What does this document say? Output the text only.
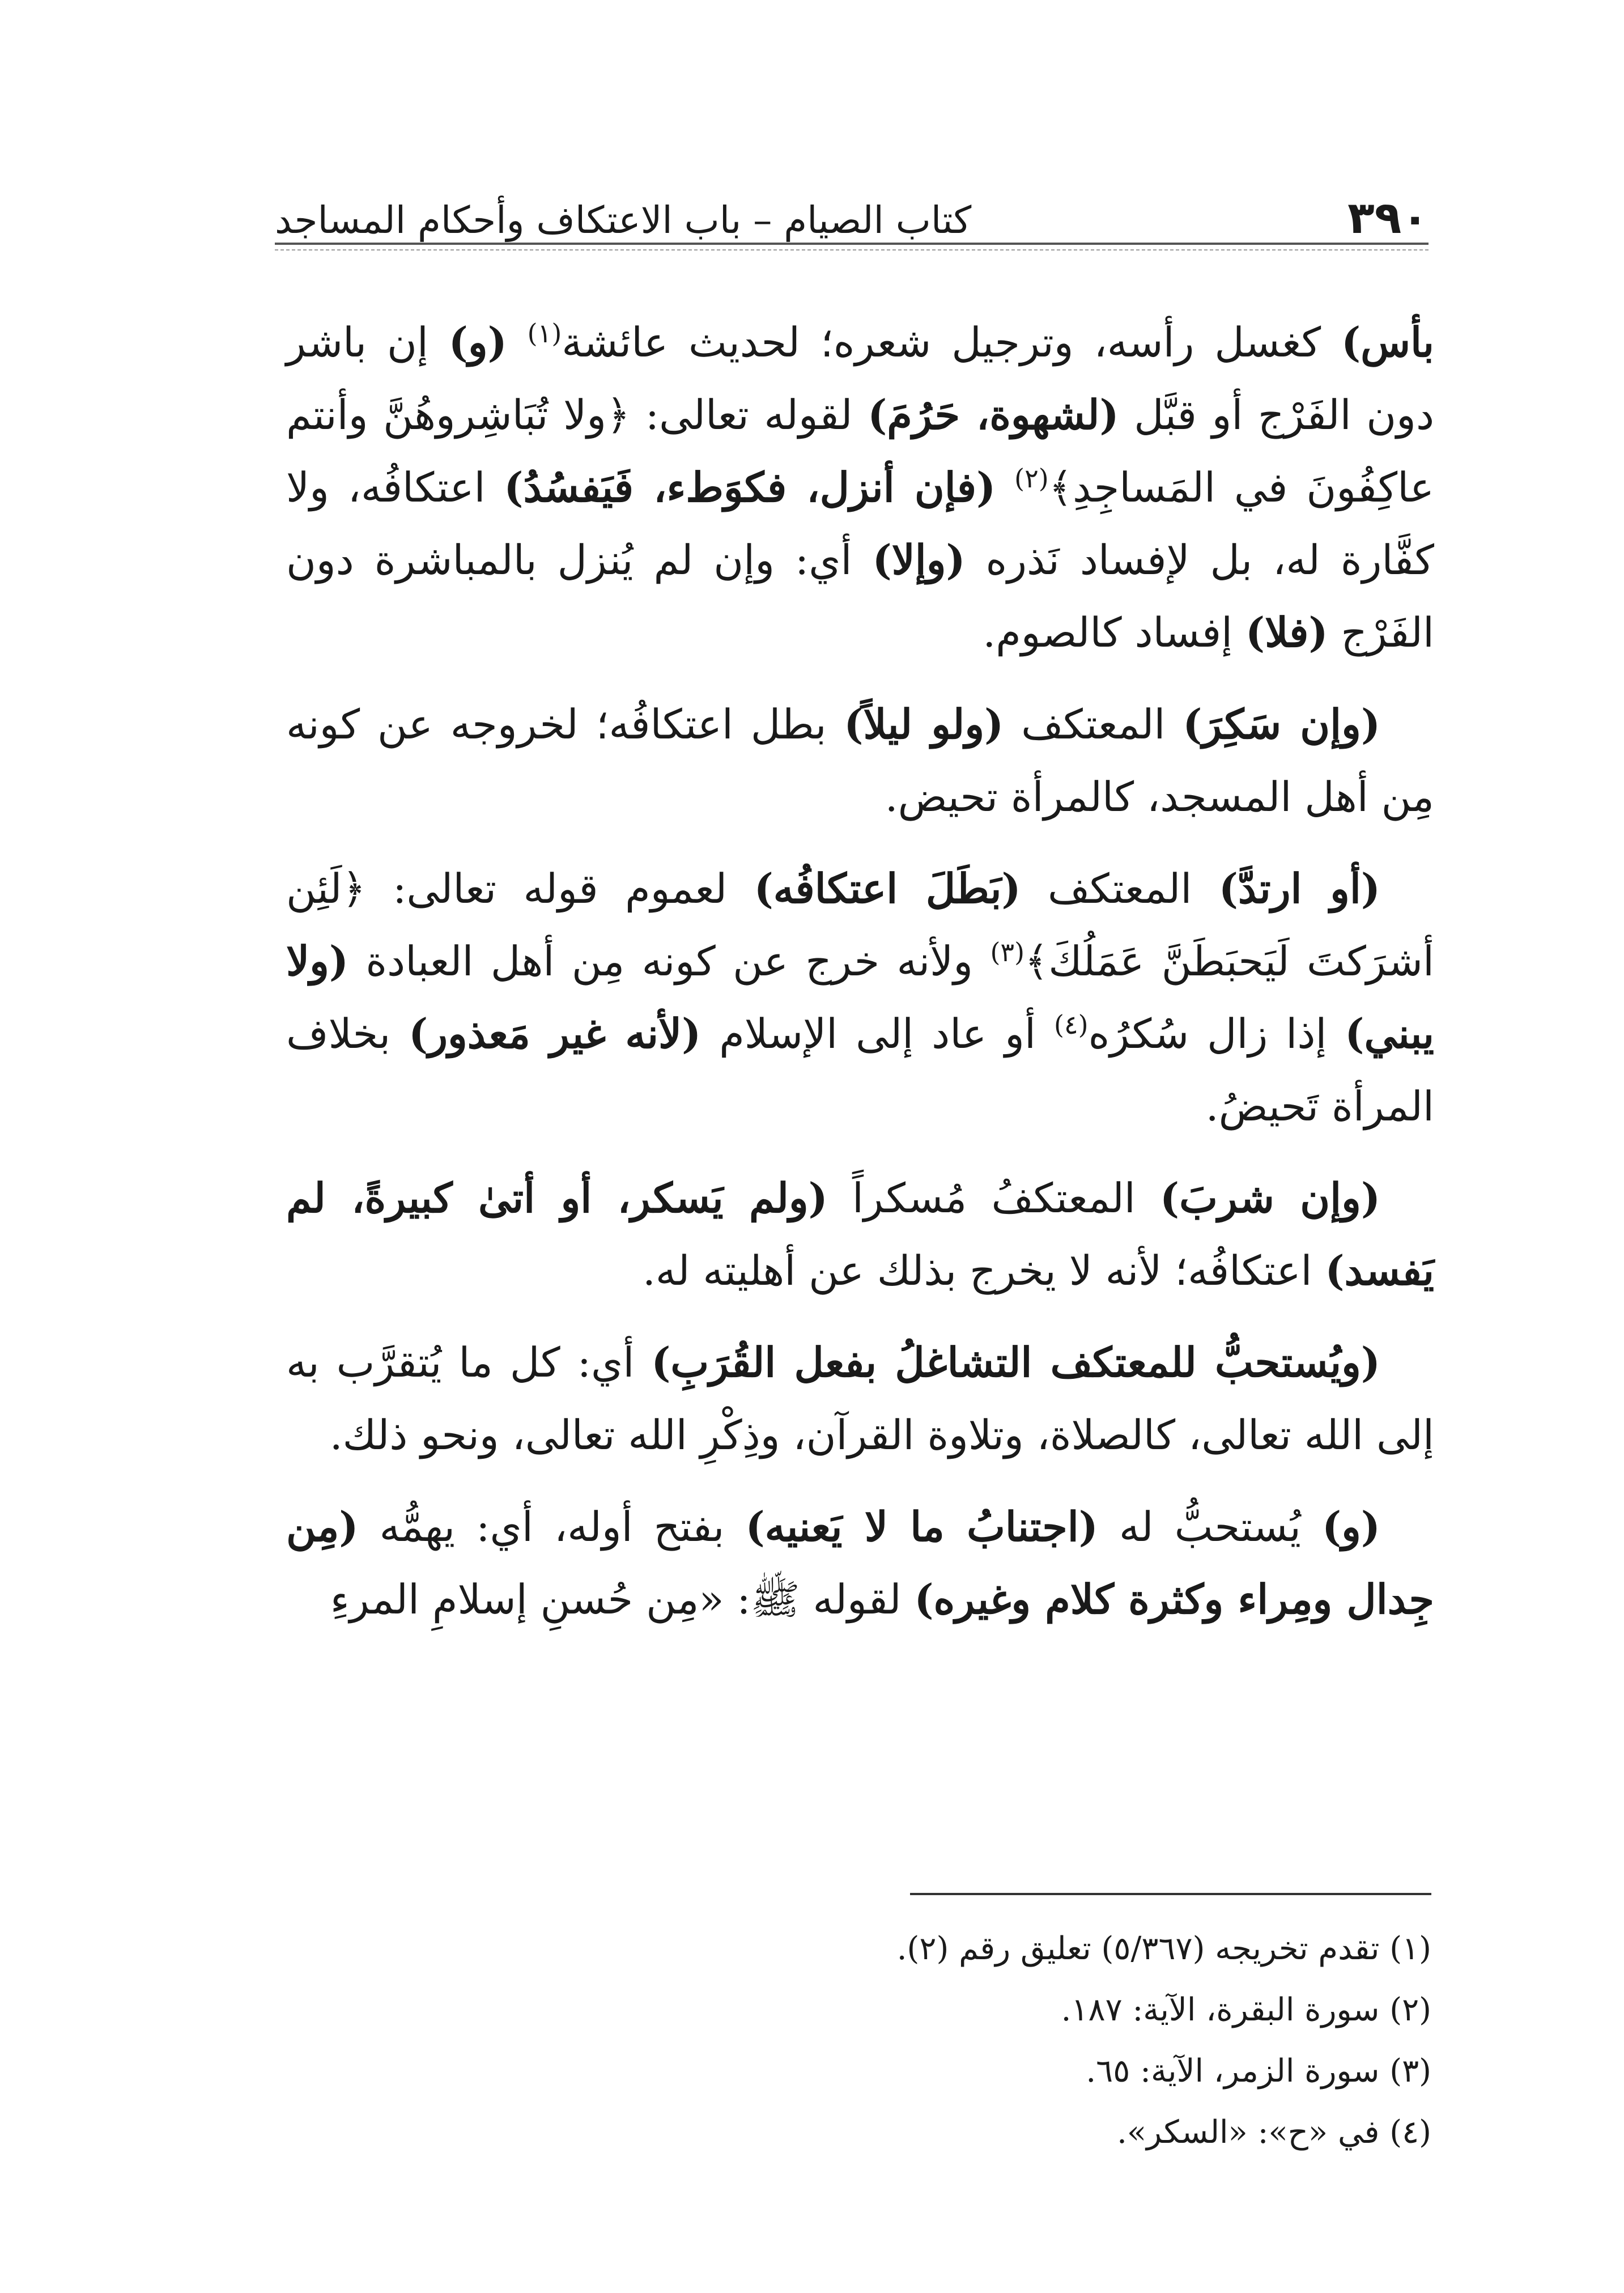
٣٩٠
كتاب الصيام – باب الاعتكاف وأحكام المساجد

بأس) كغسل رأسه، وترجيل شعره؛ لحديث عائشة$^{(١)}$ (و) إن باشر دون الفَرْج أو قبَّل (لشهوة، حَرُمَ) لقوله تعالى: ﴿ولا تُبَاشِروهُنَّ وأنتم عاكِفُونَ في المَساجِدِ﴾$^{(٢)}$ (فإن أنزل، فكوَطء، فَيَفسُدُ) اعتكافُه، ولا كفَّارة له، بل لإفساد نَذره (وإلا) أي: وإن لم يُنزل بالمباشرة دون الفَرْج (فلا) إفساد كالصوم.

(وإن سَكِرَ) المعتكف (ولو ليلاً) بطل اعتكافُه؛ لخروجه عن كونه مِن أهل المسجد، كالمرأة تحيض.

(أو ارتدَّ) المعتكف (بَطَلَ اعتكافُه) لعموم قوله تعالى: ﴿لَئِن أشرَكتَ لَيَحبَطَنَّ عَمَلُكَ﴾$^{(٣)}$ ولأنه خرج عن كونه مِن أهل العبادة (ولا يبني) إذا زال سُكرُه$^{(٤)}$ أو عاد إلى الإسلام (لأنه غير مَعذور) بخلاف المرأة تَحيضُ.

(وإن شربَ) المعتكفُ مُسكراً (ولم يَسكر، أو أتىٰ كبيرةً، لم يَفسد) اعتكافُه؛ لأنه لا يخرج بذلك عن أهليته له.

(ويُستحبُّ للمعتكف التشاغلُ بفعل القُرَبِ) أي: كل ما يُتقرَّب به إلى الله تعالى، كالصلاة، وتلاوة القرآن، وذِكْرِ الله تعالى، ونحو ذلك.

(و) يُستحبُّ له (اجتنابُ ما لا يَعنيه) بفتح أوله، أي: يهمُّه (مِن جِدال ومِراء وكثرة كلام وغيره) لقوله ﷺ: «مِن حُسنِ إسلامِ المرءِ

(١) تقدم تخريجه (٥/٣٦٧) تعليق رقم (٢).
(٢) سورة البقرة، الآية: ١٨٧.
(٣) سورة الزمر، الآية: ٦٥.
(٤) في «ح»: «السكر».
